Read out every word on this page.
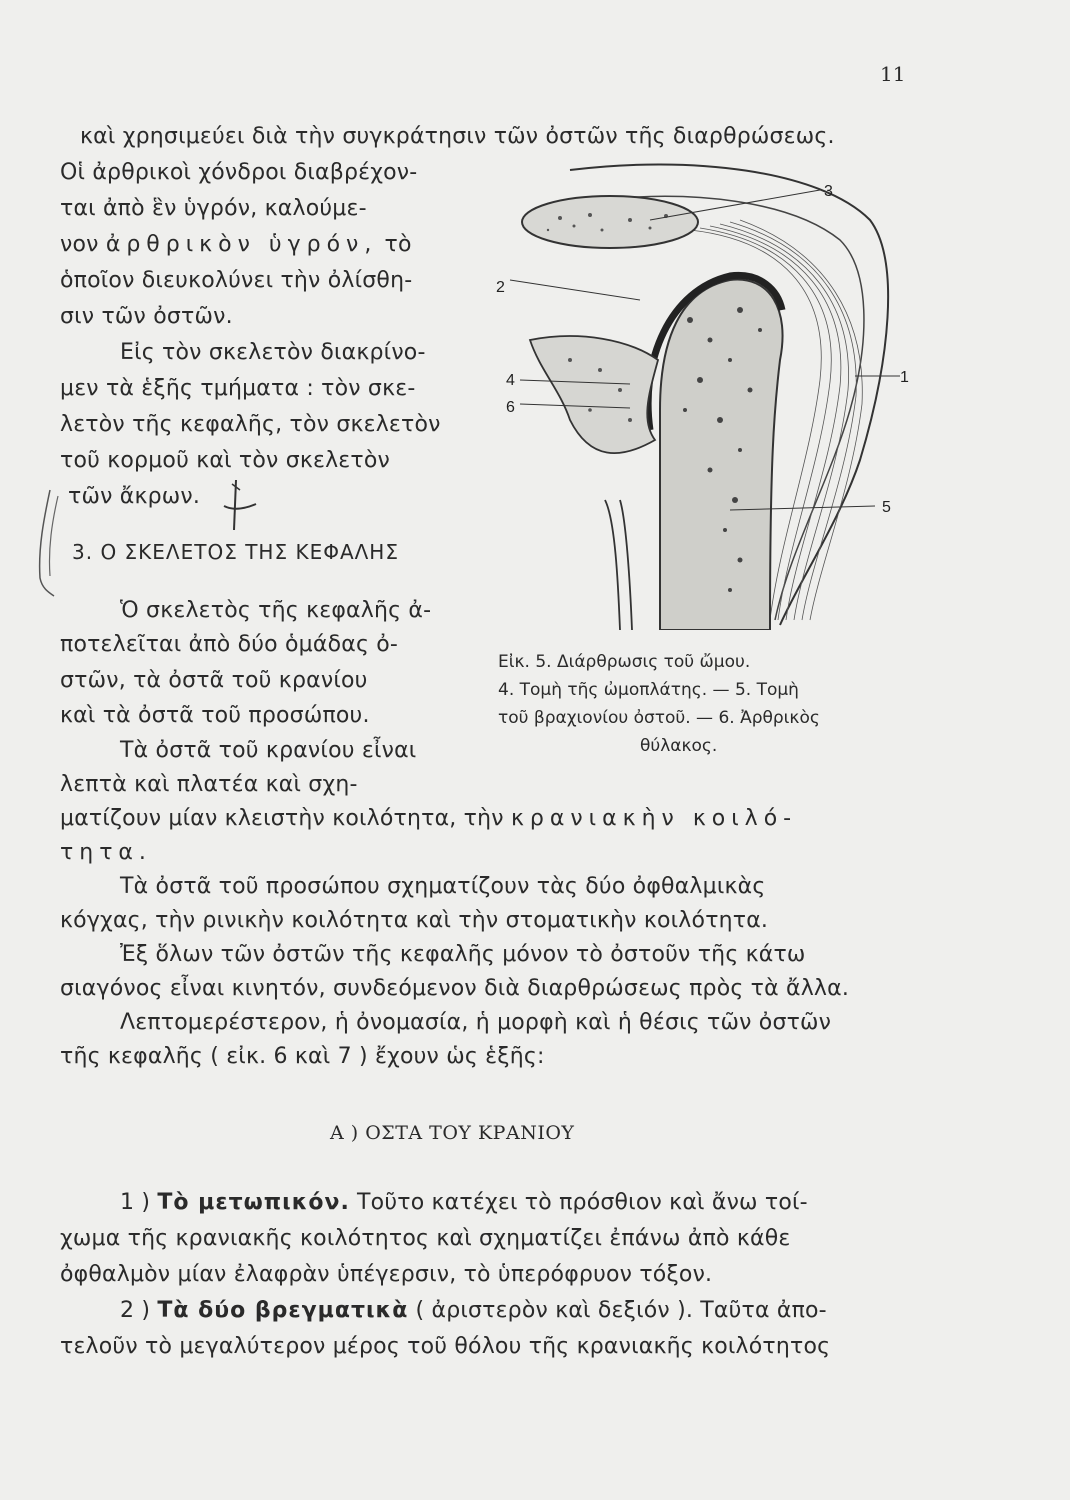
11
καὶ χρησιμεύει διὰ τὴν συγκράτησιν τῶν ὀστῶν τῆς διαρθρώσεως.
Οἱ ἀρθρικοὶ χόνδροι διαβρέχον-
ται ἀπὸ ἓν ὑγρόν, καλούμε-
νον ἀρθρικὸν ὑγρόν, τὸ
ὁποῖον διευκολύνει τὴν ὀλίσθη-
σιν τῶν ὀστῶν.
Εἰς τὸν σκελετὸν διακρίνο-
μεν τὰ ἑξῆς τμήματα : τὸν σκε-
λετὸν τῆς κεφαλῆς, τὸν σκελετὸν
τοῦ κορμοῦ καὶ τὸν σκελετὸν
τῶν ἄκρων.
3. Ο ΣΚΕΛΕΤΟΣ ΤΗΣ ΚΕΦΑΛΗΣ
Ὁ σκελετὸς τῆς κεφαλῆς ἀ-
ποτελεῖται ἀπὸ δύο ὁμάδας ὀ-
στῶν, τὰ ὀστᾶ τοῦ κρανίου
καὶ τὰ ὀστᾶ τοῦ προσώπου.
Τὰ ὀστᾶ τοῦ κρανίου εἶναι
λεπτὰ καὶ πλατέα καὶ σχη-
ματίζουν μίαν κλειστὴν κοιλότητα, τὴν κρανιακὴν κοιλό-
τητα.
Τὰ ὀστᾶ τοῦ προσώπου σχηματίζουν τὰς δύο ὀφθαλμικὰς
κόγχας, τὴν ρινικὴν κοιλότητα καὶ τὴν στοματικὴν κοιλότητα.
Ἐξ ὅλων τῶν ὀστῶν τῆς κεφαλῆς μόνον τὸ ὀστοῦν τῆς κάτω
σιαγόνος εἶναι κινητόν, συνδεόμενον διὰ διαρθρώσεως πρὸς τὰ ἄλλα.
Λεπτομερέστερον, ἡ ὀνομασία, ἡ μορφὴ καὶ ἡ θέσις τῶν ὀστῶν
τῆς κεφαλῆς ( εἰκ. 6 καὶ 7 ) ἔχουν ὡς ἑξῆς:
Α ) ΟΣΤΑ ΤΟΥ ΚΡΑΝΙΟΥ
1 ) Τὸ μετωπικόν. Τοῦτο κατέχει τὸ πρόσθιον καὶ ἄνω τοί-
χωμα τῆς κρανιακῆς κοιλότητος καὶ σχηματίζει ἐπάνω ἀπὸ κάθε
ὀφθαλμὸν μίαν ἐλαφρὰν ὑπέγερσιν, τὸ ὑπερόφρυον τόξον.
2 ) Τὰ δύο βρεγματικὰ ( ἀριστερὸν καὶ δεξιόν ). Ταῦτα ἀπο-
τελοῦν τὸ μεγαλύτερον μέρος τοῦ θόλου τῆς κρανιακῆς κοιλότητος
3
2
4
6
1
5
Εἰκ. 5. Διάρθρωσις τοῦ ὤμου.
4. Τομὴ τῆς ὠμοπλάτης. — 5. Τομὴ
τοῦ βραχιονίου ὀστοῦ. — 6. Ἀρθρικὸς
θύλακος.
